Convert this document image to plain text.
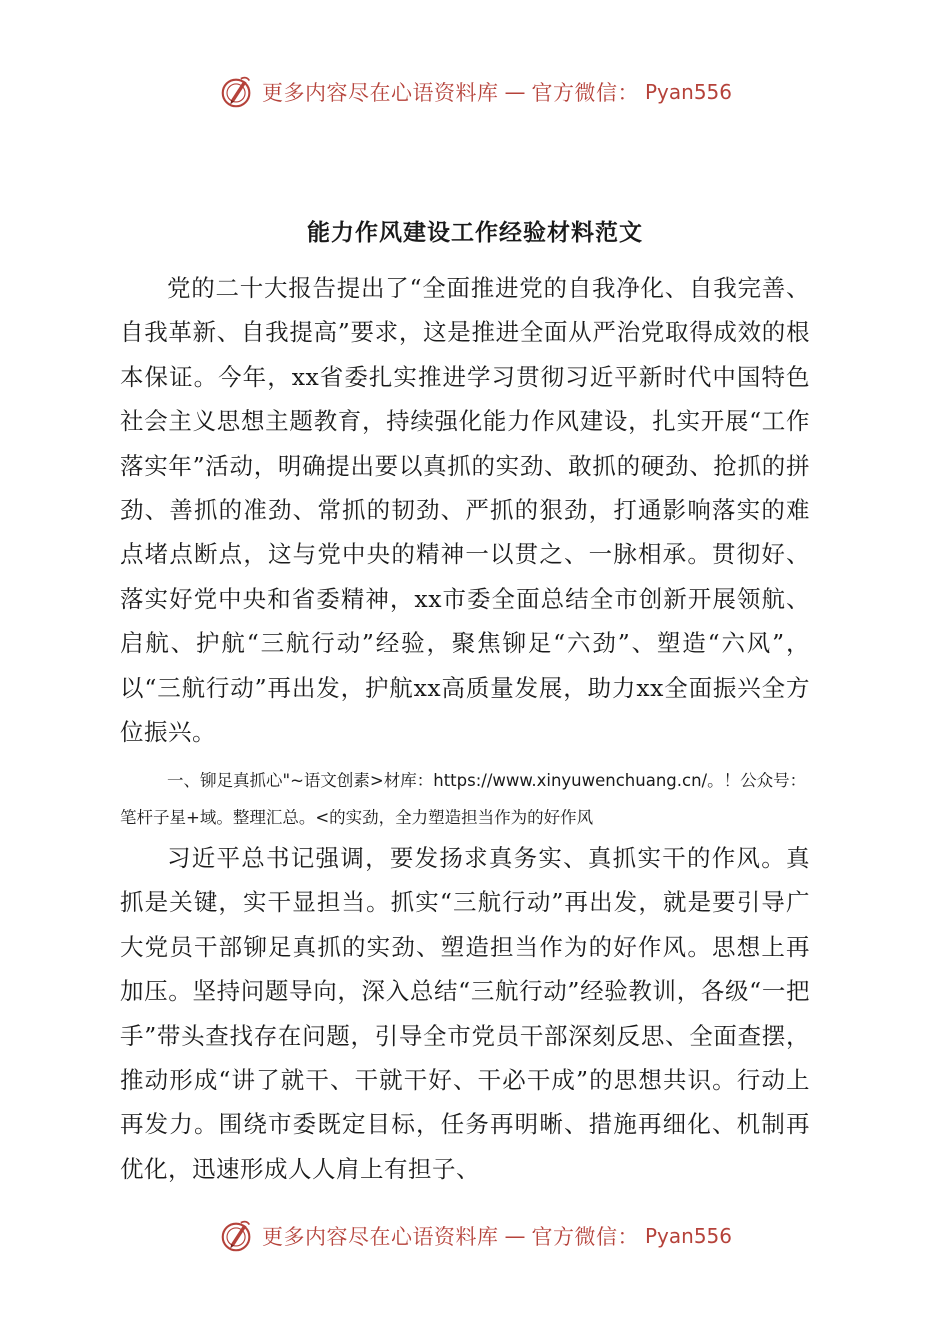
更多内容尽在心语资料库 — 官方微信： Pyan556
能力作风建设工作经验材料范文

党的二十大报告提出了“全面推进党的自我净化、自我完善、自我革新、自我提高”要求，这是推进全面从严治党取得成效的根本保证。今年，xx省委扎实推进学习贯彻习近平新时代中国特色社会主义思想主题教育，持续强化能力作风建设，扎实开展“工作落实年”活动，明确提出要以真抓的实劲、敢抓的硬劲、抢抓的拼劲、善抓的准劲、常抓的韧劲、严抓的狠劲，打通影响落实的难点堵点断点，这与党中央的精神一以贯之、一脉相承。贯彻好、落实好党中央和省委精神，xx市委全面总结全市创新开展领航、启航、护航“三航行动”经验，聚焦铆足“六劲”、塑造“六风”，以“三航行动”再出发，护航xx高质量发展，助力xx全面振兴全方位振兴。

一、铆足真抓心"~语文创素>材库：https://www.xinyuwenchuang.cn/。！公众号：笔杆子星+域。整理汇总。<的实劲，全力塑造担当作为的好作风

习近平总书记强调，要发扬求真务实、真抓实干的作风。真抓是关键，实干显担当。抓实“三航行动”再出发，就是要引导广大党员干部铆足真抓的实劲、塑造担当作为的好作风。思想上再加压。坚持问题导向，深入总结“三航行动”经验教训，各级“一把手”带头查找存在问题，引导全市党员干部深刻反思、全面查摆，推动形成“讲了就干、干就干好、干必干成”的思想共识。行动上再发力。围绕市委既定目标，任务再明晰、措施再细化、机制再优化，迅速形成人人肩上有担子、

更多内容尽在心语资料库 — 官方微信： Pyan556
